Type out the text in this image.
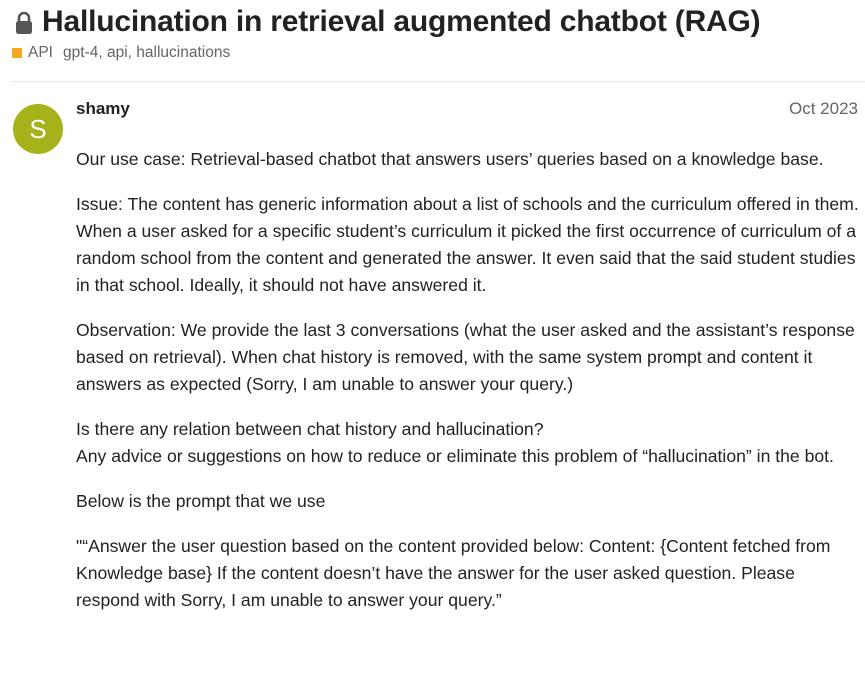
Hallucination in retrieval augmented chatbot (RAG)
API gpt-4, api, hallucinations
S
shamy	Oct 2023

Our use case: Retrieval-based chatbot that answers users’ queries based on a knowledge base.

Issue: The content has generic information about a list of schools and the curriculum offered in them. When a user asked for a specific student’s curriculum it picked the first occurrence of curriculum of a random school from the content and generated the answer. It even said that the said student studies in that school. Ideally, it should not have answered it.

Observation: We provide the last 3 conversations (what the user asked and the assistant’s response based on retrieval). When chat history is removed, with the same system prompt and content it answers as expected (Sorry, I am unable to answer your query.)

Is there any relation between chat history and hallucination?

Any advice or suggestions on how to reduce or eliminate this problem of “hallucination” in the bot.

Below is the prompt that we use

"“Answer the user question based on the content provided below: Content: {Content fetched from Knowledge base} If the content doesn’t have the answer for the user asked question. Please respond with Sorry, I am unable to answer your query.”
